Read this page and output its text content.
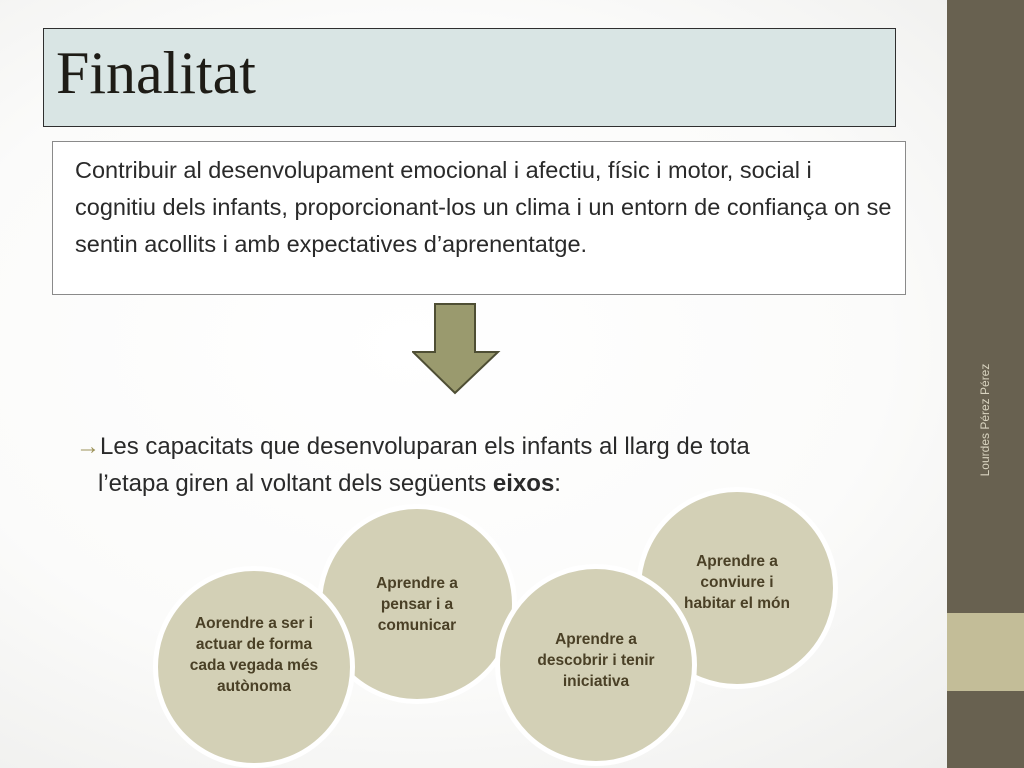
Lourdes Pérez Pérez
Finalitat

Contribuir al desenvolupament emocional i afectiu, físic i motor, social i cognitiu dels infants, proporcionant-los un clima i un entorn de confiança on se sentin acollits i amb expectatives d’aprenentatge.

→Les capacitats que desenvoluparan els infants al llarg de tota
l’etapa giren al voltant dels següents eixos:

Aprendre a pensar i a comunicar
Aorendre a ser i actuar de forma cada vegada més autònoma
Aprendre a conviure i habitar el món
Aprendre a descobrir i tenir iniciativa
